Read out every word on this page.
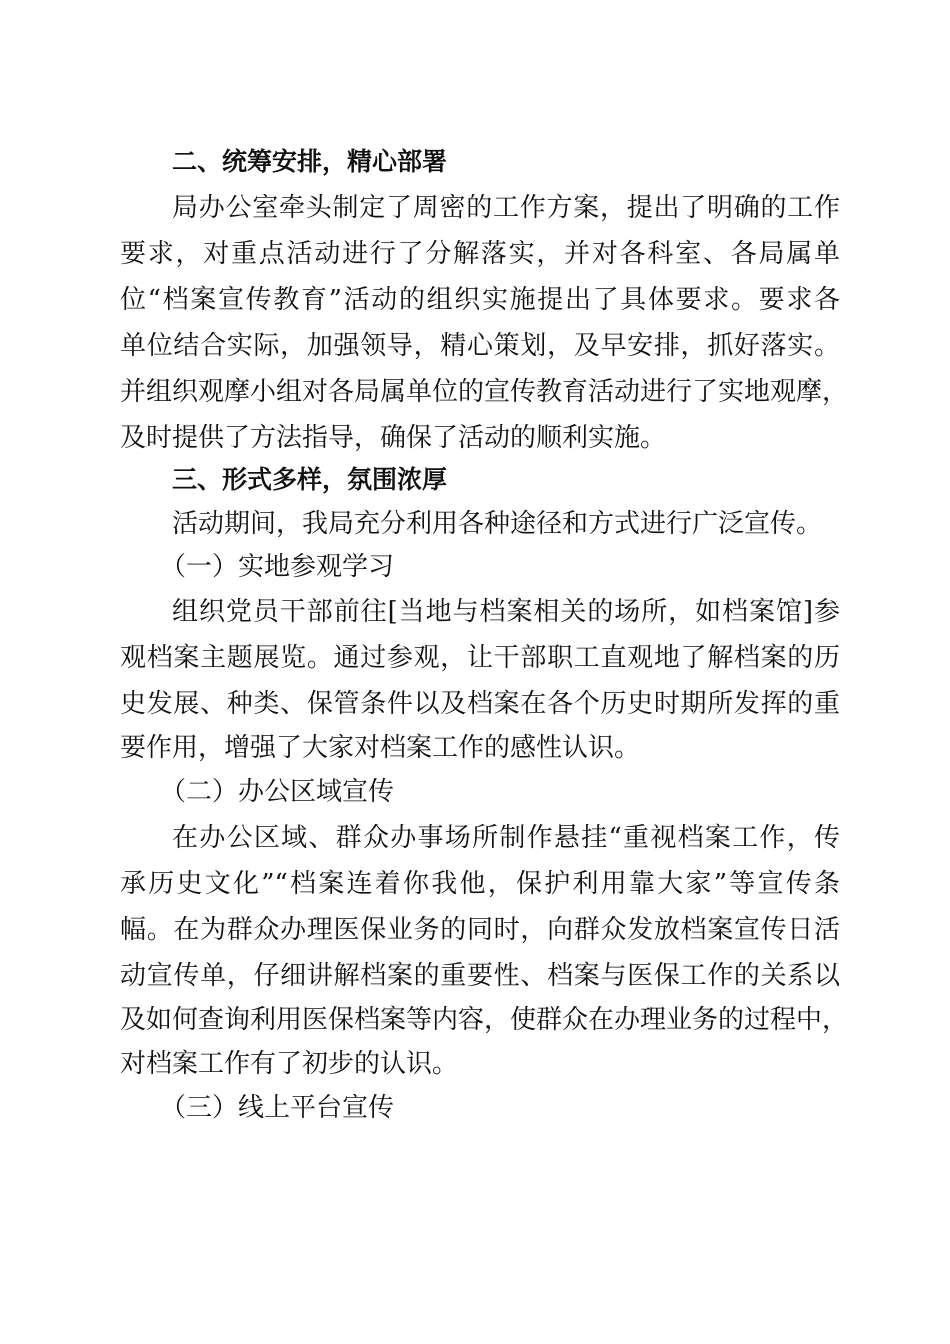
二、统筹安排，精心部署
局办公室牵头制定了周密的工作方案，提出了明确的工作
要求，对重点活动进行了分解落实，并对各科室、各局属单
位“档案宣传教育”活动的组织实施提出了具体要求。要求各
单位结合实际，加强领导，精心策划，及早安排，抓好落实。
并组织观摩小组对各局属单位的宣传教育活动进行了实地观摩，
及时提供了方法指导，确保了活动的顺利实施。
三、形式多样，氛围浓厚
活动期间，我局充分利用各种途径和方式进行广泛宣传。
（一）实地参观学习
组织党员干部前往[当地与档案相关的场所，如档案馆]参
观档案主题展览。通过参观，让干部职工直观地了解档案的历
史发展、种类、保管条件以及档案在各个历史时期所发挥的重
要作用，增强了大家对档案工作的感性认识。
（二）办公区域宣传
在办公区域、群众办事场所制作悬挂“重视档案工作，传
承历史文化”“档案连着你我他，保护利用靠大家”等宣传条
幅。在为群众办理医保业务的同时，向群众发放档案宣传日活
动宣传单，仔细讲解档案的重要性、档案与医保工作的关系以
及如何查询利用医保档案等内容，使群众在办理业务的过程中，
对档案工作有了初步的认识。
（三）线上平台宣传
